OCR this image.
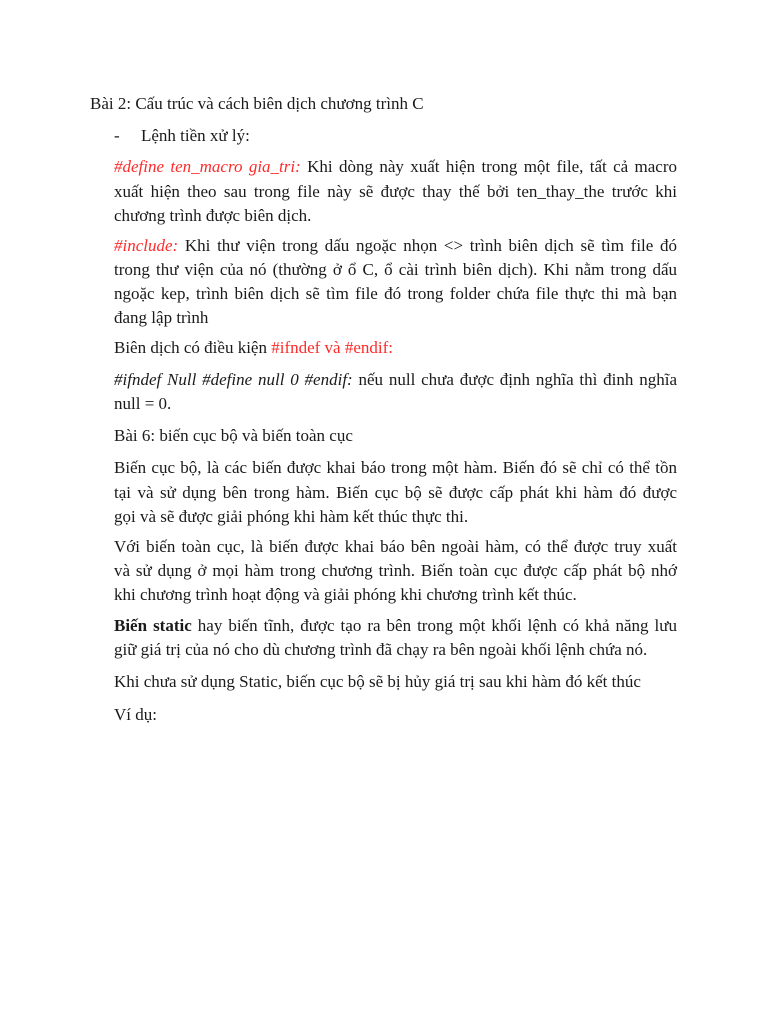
Bài 2: Cấu trúc và cách biên dịch chương trình C
- Lệnh tiền xử lý:
#define ten_macro gia_tri: Khi dòng này xuất hiện trong một file, tất cả macro
xuất hiện theo sau trong file này sẽ được thay thế bởi ten_thay_the trước khi
chương trình được biên dịch.
#include: Khi thư viện trong dấu ngoặc nhọn <> trình biên dịch sẽ tìm file đó
trong thư viện của nó (thường ở ổ C, ổ cài trình biên dịch). Khi nằm trong dấu
ngoặc kep, trình biên dịch sẽ tìm file đó trong folder chứa file thực thi mà bạn
đang lập trình
Biên dịch có điều kiện #ifndef và #endif:
#ifndef Null #define null 0 #endif: nếu null chưa được định nghĩa thì đinh nghĩa
null = 0.
Bài 6: biến cục bộ và biến toàn cục
Biến cục bộ, là các biến được khai báo trong một hàm. Biến đó sẽ chỉ có thể tồn
tại và sử dụng bên trong hàm. Biến cục bộ sẽ được cấp phát khi hàm đó được
gọi và sẽ được giải phóng khi hàm kết thúc thực thi.
Với biến toàn cục, là biến được khai báo bên ngoài hàm, có thể được truy xuất
và sử dụng ở mọi hàm trong chương trình. Biến toàn cục được cấp phát bộ nhớ
khi chương trình hoạt động và giải phóng khi chương trình kết thúc.
Biến static hay biến tĩnh, được tạo ra bên trong một khối lệnh có khả năng lưu
giữ giá trị của nó cho dù chương trình đã chạy ra bên ngoài khối lệnh chứa nó.
Khi chưa sử dụng Static, biến cục bộ sẽ bị hủy giá trị sau khi hàm đó kết thúc
Ví dụ:
